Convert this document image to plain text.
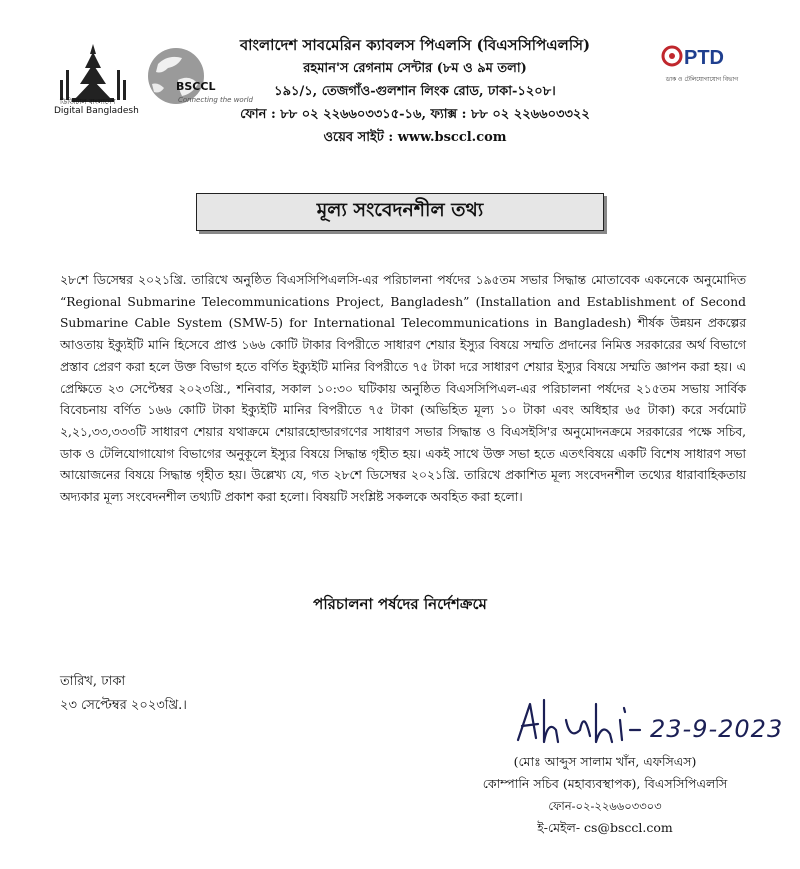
ডিজিটাল বাংলাদেশ
Digital Bangladesh
BSCCL
Connecting the world
PTD
ডাক ও টেলিযোগাযোগ বিভাগ
বাংলাদেশ সাবমেরিন ক্যাবলস পিএলসি (বিএসসিপিএলসি)
রহমান'স রেগনাম সেন্টার (৮ম ও ৯ম তলা)
১৯১/১, তেজগাঁও-গুলশান লিংক রোড, ঢাকা-১২০৮।
ফোন : ৮৮ ০২ ২২৬৬০৩৩১৫-১৬, ফ্যাক্স : ৮৮ ০২ ২২৬৬০৩৩২২
ওয়েব সাইট : www.bsccl.com
মূল্য সংবেদনশীল তথ্য
২৮শে ডিসেম্বর ২০২১খ্রি. তারিখে অনুষ্ঠিত বিএসসিপিএলসি-এর পরিচালনা পর্ষদের ১৯৫তম সভার সিদ্ধান্ত মোতাবেক একনেকে অনুমোদিত “Regional Submarine Telecommunications Project, Bangladesh” (Installation and Establishment of Second Submarine Cable System (SMW-5) for International Telecommunications in Bangladesh) শীর্ষক উন্নয়ন প্রকল্পের আওতায় ইক্যুইটি মানি হিসেবে প্রাপ্ত ১৬৬ কোটি টাকার বিপরীতে সাধারণ শেয়ার ইস্যুর বিষয়ে সম্মতি প্রদানের নিমিত্ত সরকারের অর্থ বিভাগে প্রস্তাব প্রেরণ করা হলে উক্ত বিভাগ হতে বর্ণিত ইক্যুইটি মানির বিপরীতে ৭৫ টাকা দরে সাধারণ শেয়ার ইস্যুর বিষয়ে সম্মতি জ্ঞাপন করা হয়। এ প্রেক্ষিতে ২৩ সেপ্টেম্বর ২০২৩খ্রি., শনিবার, সকাল ১০:৩০ ঘটিকায় অনুষ্ঠিত বিএসসিপিএল-এর পরিচালনা পর্ষদের ২১৫তম সভায় সার্বিক বিবেচনায় বর্ণিত ১৬৬ কোটি টাকা ইক্যুইটি মানির বিপরীতে ৭৫ টাকা (অভিহিত মূল্য ১০ টাকা এবং অধিহার ৬৫ টাকা) করে সর্বমোট ২,২১,৩৩,৩৩৩টি সাধারণ শেয়ার যথাক্রমে শেয়ারহোল্ডারগণের সাধারণ সভার সিদ্ধান্ত ও বিএসইসি'র অনুমোদনক্রমে সরকারের পক্ষে সচিব, ডাক ও টেলিযোগাযোগ বিভাগের অনুকূলে ইস্যুর বিষয়ে সিদ্ধান্ত গৃহীত হয়। একই সাথে উক্ত সভা হতে এতৎবিষয়ে একটি বিশেষ সাধারণ সভা আয়োজনের বিষয়ে সিদ্ধান্ত গৃহীত হয়। উল্লেখ্য যে, গত ২৮শে ডিসেম্বর ২০২১খ্রি. তারিখে প্রকাশিত মূল্য সংবেদনশীল তথ্যের ধারাবাহিকতায় অদ্যকার মূল্য সংবেদনশীল তথ্যটি প্রকাশ করা হলো। বিষয়টি সংশ্লিষ্ট সকলকে অবহিত করা হলো।
পরিচালনা পর্ষদের নির্দেশক্রমে
তারিখ, ঢাকা
২৩ সেপ্টেম্বর ২০২৩খ্রি.।
23-9-2023
(মোঃ আব্দুস সালাম খাঁন, এফসিএস)
কোম্পানি সচিব (মহাব্যবস্থাপক), বিএসসিপিএলসি
ফোন-০২-২২৬৬০৩৩০৩
ই-মেইল- cs@bsccl.com
